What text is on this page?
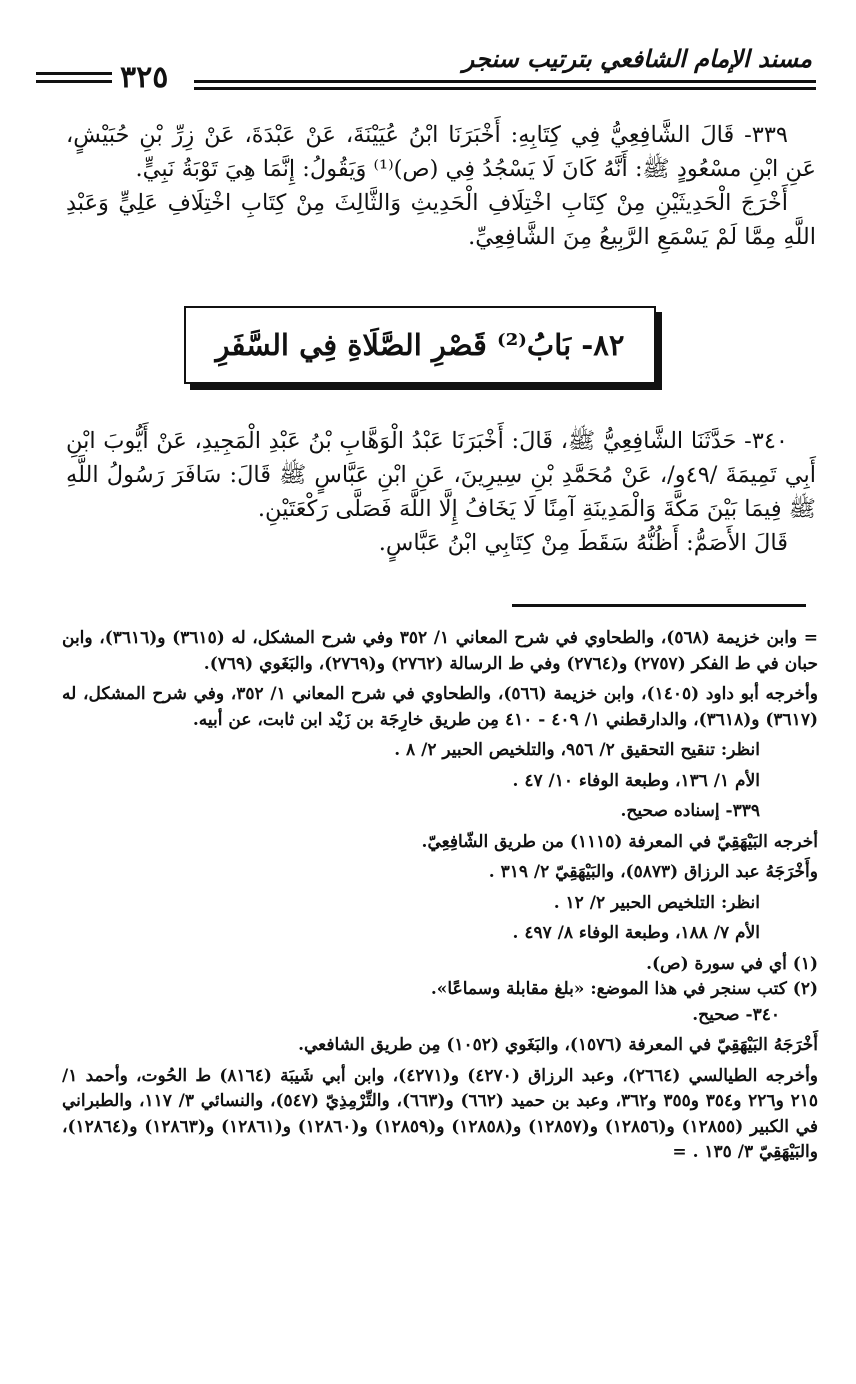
مسند الإمام الشافعي بترتيب سنجر
٣٢٥

٣٣٩- قَالَ الشَّافِعِيُّ فِي كِتَابِهِ: أَخْبَرَنَا ابْنُ عُيَيْنَةَ، عَنْ عَبْدَةَ، عَنْ زِرِّ بْنِ حُبَيْشٍ، عَنِ ابْنِ مسْعُودٍ ﷺ: أَنَّهُ كَانَ لَا يَسْجُدُ فِي (ص)⁽¹⁾ وَيَقُولُ: إِنَّمَا هِيَ تَوْبَةُ نَبِيٍّ.

أَخْرَجَ الْحَدِيثَيْنِ مِنْ كِتَابِ اخْتِلَافِ الْحَدِيثِ وَالثَّالِثَ مِنْ كِتَابِ اخْتِلَافِ عَلِيٍّ وَعَبْدِ اللَّهِ مِمَّا لَمْ يَسْمَعِ الرَّبِيعُ مِنَ الشَّافِعِيِّ.

٨٢- بَابُ⁽²⁾ قَصْرِ الصَّلَاةِ فِي السَّفَرِ

٣٤٠- حَدَّثَنَا الشَّافِعِيُّ ﷺ، قَالَ: أَخْبَرَنَا عَبْدُ الْوَهَّابِ بْنُ عَبْدِ الْمَجِيدِ، عَنْ أَيُّوبَ ابْنِ أَبِي تَمِيمَةَ /٤٩و/، عَنْ مُحَمَّدِ بْنِ سِيرِينَ، عَنِ ابْنِ عَبَّاسٍ ﷺ قَالَ: سَافَرَ رَسُولُ اللَّهِ ﷺ فِيمَا بَيْنَ مَكَّةَ وَالْمَدِينَةِ آمِنًا لَا يَخَافُ إِلَّا اللَّهَ فَصَلَّى رَكْعَتَيْنِ.

قَالَ الأَصَمُّ: أَظُنُّهُ سَقَطَ مِنْ كِتَابِي ابْنُ عَبَّاسٍ.

= وابن خزيمة (٥٦٨)، والطحاوي في شرح المعاني ١/ ٣٥٢ وفي شرح المشكل، له (٣٦١٥) و(٣٦١٦)، وابن حبان في ط الفكر (٢٧٥٧) و(٢٧٦٤) وفي ط الرسالة (٢٧٦٢) و(٢٧٦٩)، والبَغَوي (٧٦٩).

وأخرجه أبو داود (١٤٠٥)، وابن خزيمة (٥٦٦)، والطحاوي في شرح المعاني ١/ ٣٥٢، وفي شرح المشكل، له (٣٦١٧) و(٣٦١٨)، والدارقطني ١/ ٤٠٩ - ٤١٠ مِن طريق خارِجَة بن زَيْد ابن ثابت، عن أبيه.

انظر: تنقيح التحقيق ٢/ ٩٥٦، والتلخيص الحبير ٢/ ٨ .

الأم ١/ ١٣٦، وطبعة الوفاء ١٠/ ٤٧ .

٣٣٩- إسناده صحيح.

أخرجه البَيْهَقِيّ في المعرفة (١١١٥) من طريق الشّافِعِيّ.

وأَخْرَجَهُ عبد الرزاق (٥٨٧٣)، والبَيْهَقِيّ ٢/ ٣١٩ .

انظر: التلخيص الحبير ٢/ ١٢ .

الأم ٧/ ١٨٨، وطبعة الوفاء ٨/ ٤٩٧ .

(١) أي في سورة (ص).

(٢) كتب سنجر في هذا الموضع: «بلغ مقابلة وسماعًا».

٣٤٠- صحيح.

أَخْرَجَهُ البَيْهَقِيّ في المعرفة (١٥٧٦)، والبَغَوي (١٠٥٢) مِن طريق الشافعي.

وأخرجه الطيالسي (٢٦٦٤)، وعبد الرزاق (٤٢٧٠) و(٤٢٧١)، وابن أبي شَيبَة (٨١٦٤) ط الحُوت، وأحمد ١/ ٢١٥ و٢٢٦ و٣٥٤ و٣٥٥ و٣٦٢، وعبد بن حميد (٦٦٢) و(٦٦٣)، والتِّرْمِذِيّ (٥٤٧)، والنسائي ٣/ ١١٧، والطبراني في الكبير (١٢٨٥٥) و(١٢٨٥٦) و(١٢٨٥٧) و(١٢٨٥٨) و(١٢٨٥٩) و(١٢٨٦٠) و(١٢٨٦١) و(١٢٨٦٣) و(١٢٨٦٤)، والبَيْهَقِيّ ٣/ ١٣٥ . =
